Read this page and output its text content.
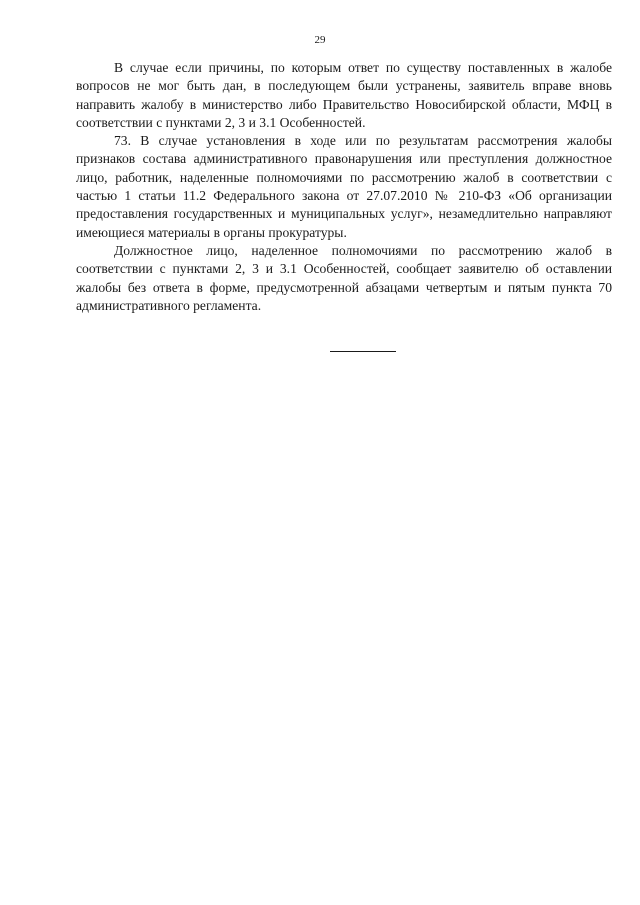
29

В случае если причины, по которым ответ по существу поставленных в жалобе вопросов не мог быть дан, в последующем были устранены, заявитель вправе вновь направить жалобу в министерство либо Правительство Новосибирской области, МФЦ в соответствии с пунктами 2, 3 и 3.1 Особенностей.

73. В случае установления в ходе или по результатам рассмотрения жалобы признаков состава административного правонарушения или преступления должностное лицо, работник, наделенные полномочиями по рассмотрению жалоб в соответствии с частью 1 статьи 11.2 Федерального закона от 27.07.2010 № 210-ФЗ «Об организации предоставления государственных и муниципальных услуг», незамедлительно направляют имеющиеся материалы в органы прокуратуры.

Должностное лицо, наделенное полномочиями по рассмотрению жалоб в соответствии с пунктами 2, 3 и 3.1 Особенностей, сообщает заявителю об оставлении жалобы без ответа в форме, предусмотренной абзацами четвертым и пятым пункта 70 административного регламента.
